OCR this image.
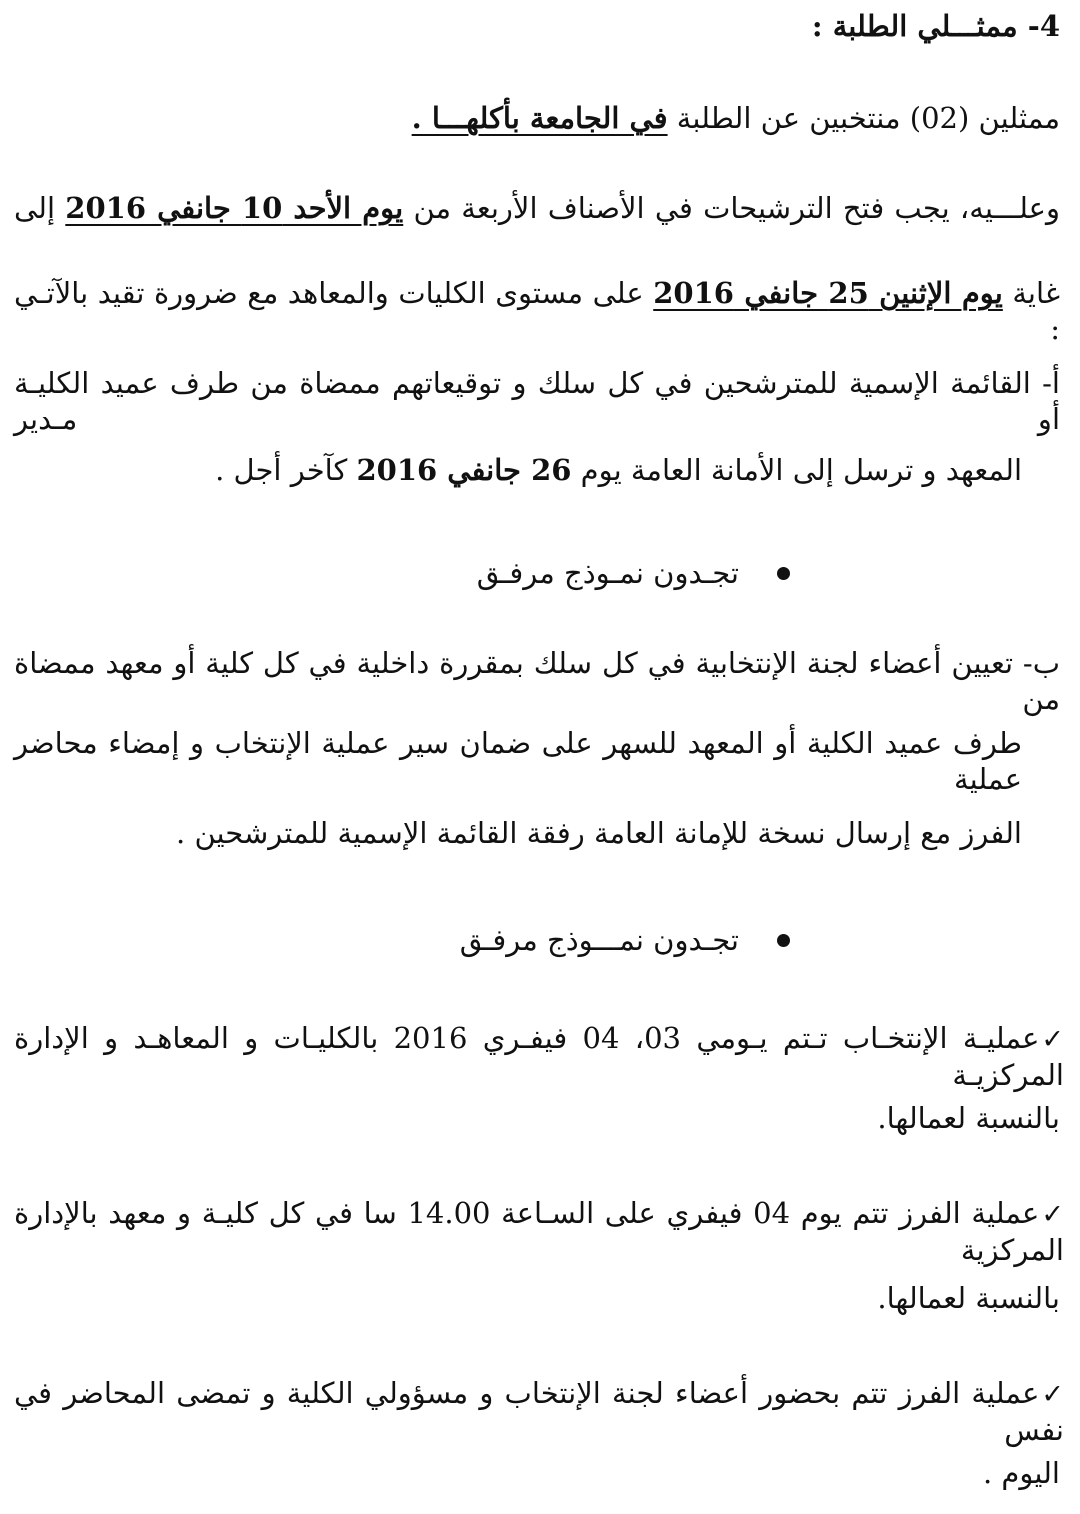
4- ممثـــلي الطلبة :
ممثلين (02) منتخبين عن الطلبة في الجامعة بأكلهـــا .
وعلـــيه، يجب فتح الترشيحات في الأصناف الأربعة من يوم الأحد 10 جانفي 2016 إلى
غاية يوم الإثنين 25 جانفي 2016 على مستوى الكليات والمعاهد مع ضرورة تقيد بالآتـي :
أ- القائمة الإسمية للمترشحين في كل سلك و توقيعاتهم ممضاة من طرف عميد الكليـة أو مـدير
المعهد و ترسل إلى الأمانة العامة يوم 26 جانفي 2016 كآخر أجل .
تجـدون نمـوذج مرفـق
ب- تعيين أعضاء لجنة الإنتخابية في كل سلك بمقررة داخلية في كل كلية أو معهد ممضاة من
طرف عميد الكلية أو المعهد للسهر على ضمان سير عملية الإنتخاب و إمضاء محاضر عملية
الفرز مع إرسال نسخة للإمانة العامة رفقة القائمة الإسمية للمترشحين .
تجـدون نمـــوذج مرفـق
✓عمليـة الإنتخـاب تـتم يـومي 03، 04 فيفـري 2016 بالكليـات و المعاهـد و الإدارة المركزيـة
بالنسبة لعمالها.
✓عملية الفرز تتم يوم 04 فيفري على السـاعة 14.00 سا في كل كليـة و معهد بالإدارة المركزية
بالنسبة لعمالها.
✓عملية الفرز تتم بحضور أعضاء لجنة الإنتخاب و مسؤولي الكلية و تمضى المحاضر في نفس
اليوم .
